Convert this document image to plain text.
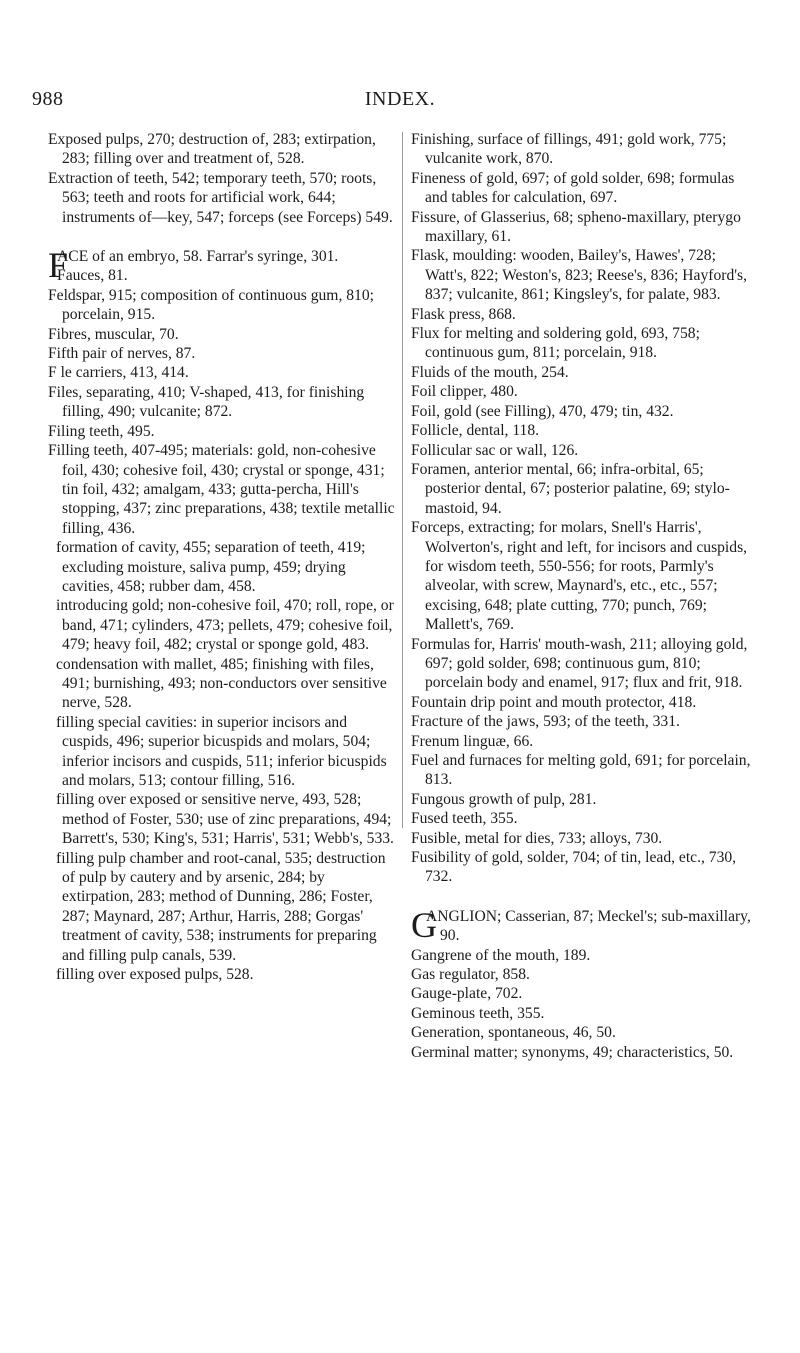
988	INDEX.
Exposed pulps, 270; destruction of, 283; extirpation, 283; filling over and treatment of, 528.
Extraction of teeth, 542; temporary teeth, 570; roots, 563; teeth and roots for artificial work, 644; instruments of—key, 547; forceps (see Forceps) 549.
F
ACE of an embryo, 58. Farrar's syringe, 301.
Fauces, 81.
Feldspar, 915; composition of continuous gum, 810; porcelain, 915.
Fibres, muscular, 70.
Fifth pair of nerves, 87.
F le carriers, 413, 414.
Files, separating, 410; V-shaped, 413, for finishing filling, 490; vulcanite; 872.
Filing teeth, 495.
Filling teeth, 407-495; materials: gold, non-cohesive foil, 430; cohesive foil, 430; crystal or sponge, 431; tin foil, 432; amalgam, 433; gutta-percha, Hill's stopping, 437; zinc preparations, 438; textile metallic filling, 436.
formation of cavity, 455; separation of teeth, 419; excluding moisture, saliva pump, 459; drying cavities, 458; rubber dam, 458.
introducing gold; non-cohesive foil, 470; roll, rope, or band, 471; cylinders, 473; pellets, 479; cohesive foil, 479; heavy foil, 482; crystal or sponge gold, 483.
condensation with mallet, 485; finishing with files, 491; burnishing, 493; non-conductors over sensitive nerve, 528.
filling special cavities: in superior incisors and cuspids, 496; superior bicuspids and molars, 504; inferior incisors and cuspids, 511; inferior bicuspids and molars, 513; contour filling, 516.
filling over exposed or sensitive nerve, 493, 528; method of Foster, 530; use of zinc preparations, 494; Barrett's, 530; King's, 531; Harris', 531; Webb's, 533.
filling pulp chamber and root-canal, 535; destruction of pulp by cautery and by arsenic, 284; by extirpation, 283; method of Dunning, 286; Foster, 287; Maynard, 287; Arthur, Harris, 288; Gorgas' treatment of cavity, 538; instruments for preparing and filling pulp canals, 539.
filling over exposed pulps, 528.
Finishing, surface of fillings, 491; gold work, 775; vulcanite work, 870.
Fineness of gold, 697; of gold solder, 698; formulas and tables for calculation, 697.
Fissure, of Glasserius, 68; spheno-maxillary, pterygo maxillary, 61.
Flask, moulding: wooden, Bailey's, Hawes', 728; Watt's, 822; Weston's, 823; Reese's, 836; Hayford's, 837; vulcanite, 861; Kingsley's, for palate, 983.
Flask press, 868.
Flux for melting and soldering gold, 693, 758; continuous gum, 811; porcelain, 918.
Fluids of the mouth, 254.
Foil clipper, 480.
Foil, gold (see Filling), 470, 479; tin, 432.
Follicle, dental, 118.
Follicular sac or wall, 126.
Foramen, anterior mental, 66; infra-orbital, 65; posterior dental, 67; posterior palatine, 69; stylo-mastoid, 94.
Forceps, extracting; for molars, Snell's Harris', Wolverton's, right and left, for incisors and cuspids, for wisdom teeth, 550-556; for roots, Parmly's alveolar, with screw, Maynard's, etc., etc., 557; excising, 648; plate cutting, 770; punch, 769; Mallett's, 769.
Formulas for, Harris' mouth-wash, 211; alloying gold, 697; gold solder, 698; continuous gum, 810; porcelain body and enamel, 917; flux and frit, 918.
Fountain drip point and mouth protector, 418.
Fracture of the jaws, 593; of the teeth, 331.
Frenum linguæ, 66.
Fuel and furnaces for melting gold, 691; for porcelain, 813.
Fungous growth of pulp, 281.
Fused teeth, 355.
Fusible, metal for dies, 733; alloys, 730.
Fusibility of gold, solder, 704; of tin, lead, etc., 730, 732.
G
ANGLION; Casserian, 87; Meckel's; sub-maxillary, 90.
Gangrene of the mouth, 189.
Gas regulator, 858.
Gauge-plate, 702.
Geminous teeth, 355.
Generation, spontaneous, 46, 50.
Germinal matter; synonyms, 49; characteristics, 50.
